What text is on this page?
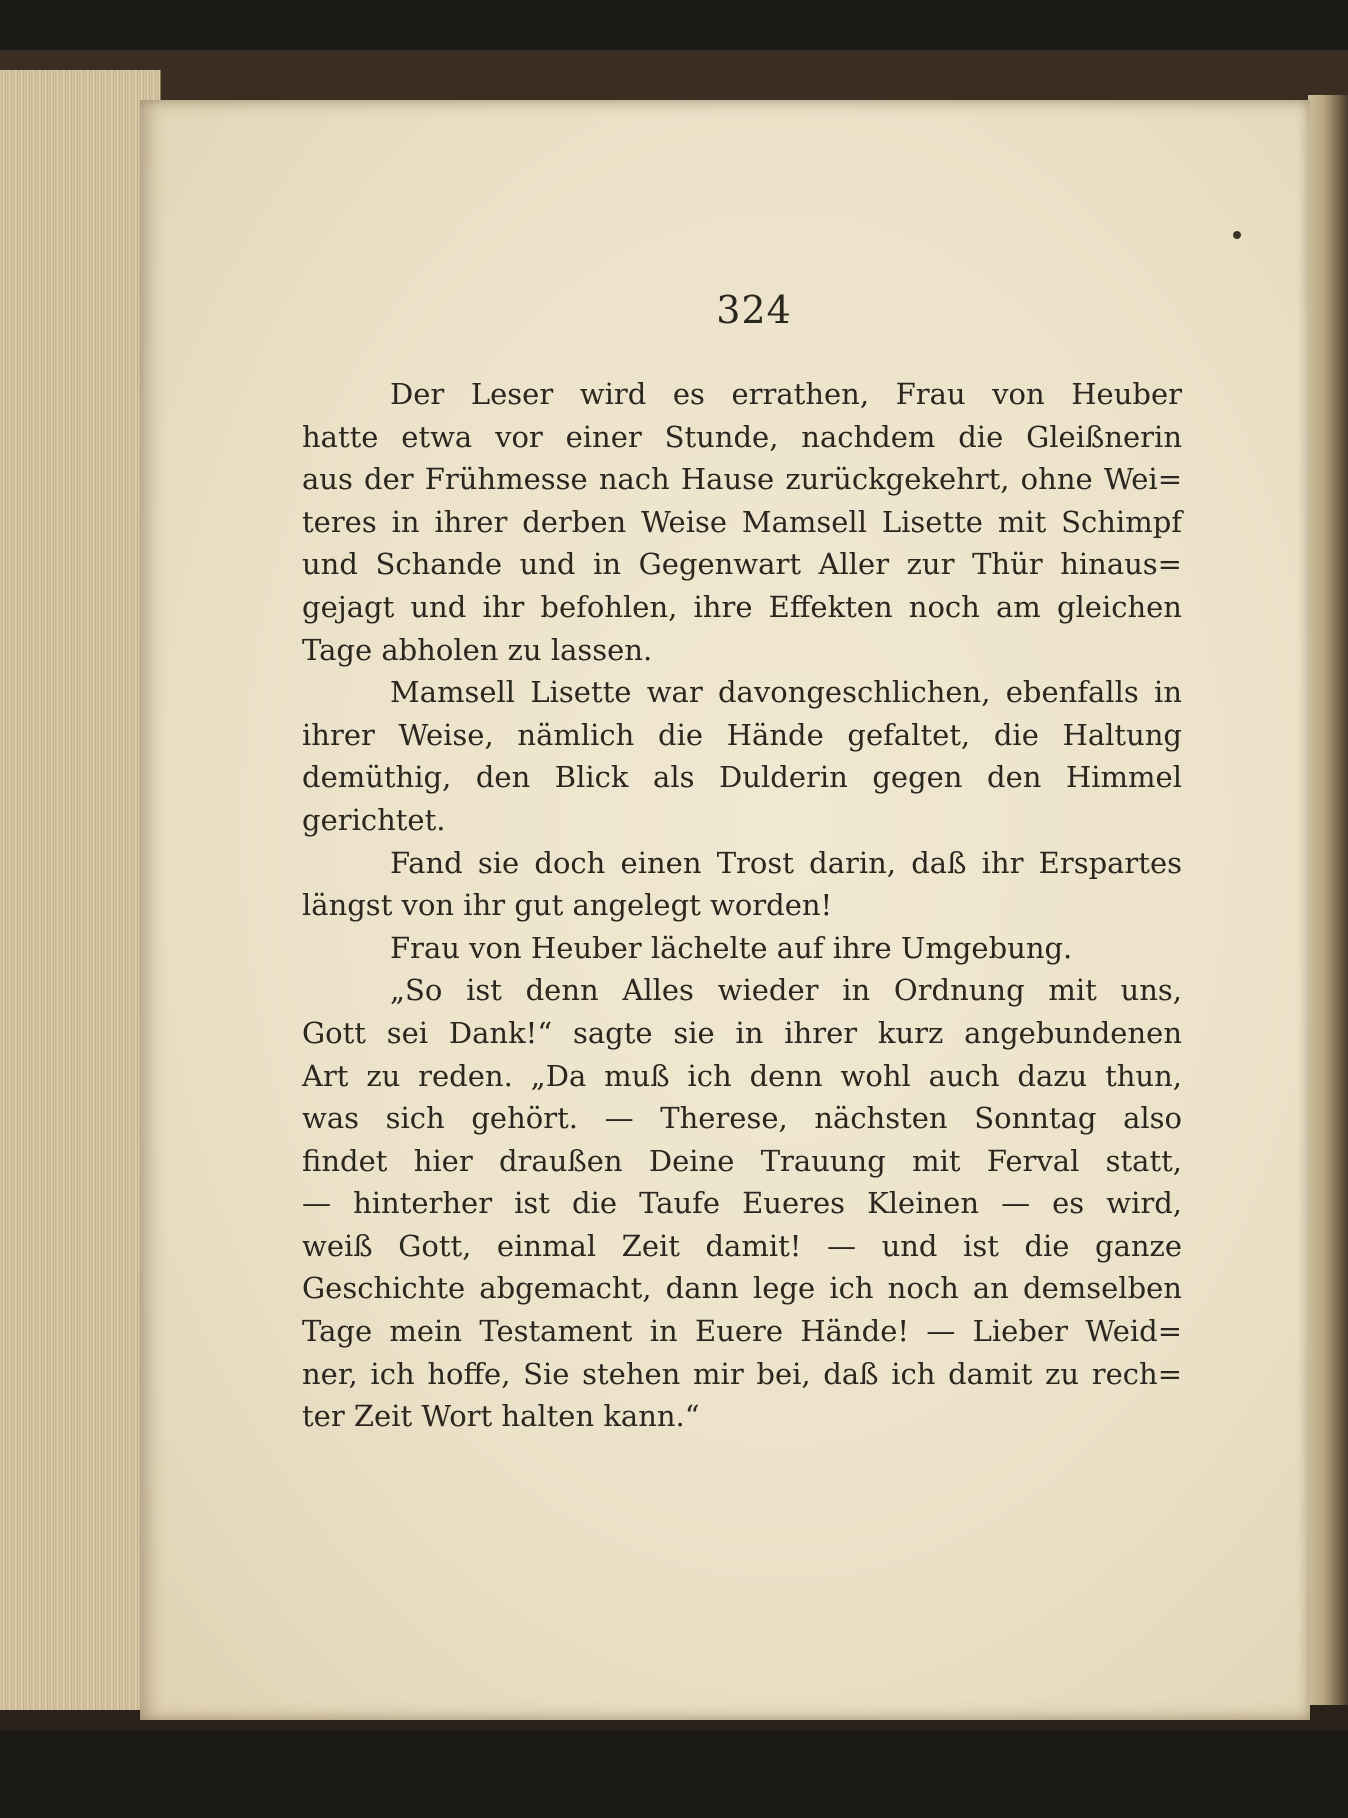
324
Der Leser wird es errathen, Frau von Heuber
hatte etwa vor einer Stunde, nachdem die Gleißnerin
aus der Frühmesse nach Hause zurückgekehrt, ohne Wei=
teres in ihrer derben Weise Mamsell Lisette mit Schimpf
und Schande und in Gegenwart Aller zur Thür hinaus=
gejagt und ihr befohlen, ihre Effekten noch am gleichen
Tage abholen zu lassen.
Mamsell Lisette war davongeschlichen, ebenfalls in
ihrer Weise, nämlich die Hände gefaltet, die Haltung
demüthig, den Blick als Dulderin gegen den Himmel
gerichtet.
Fand sie doch einen Trost darin, daß ihr Erspartes
längst von ihr gut angelegt worden!
Frau von Heuber lächelte auf ihre Umgebung.
„So ist denn Alles wieder in Ordnung mit uns,
Gott sei Dank!“ sagte sie in ihrer kurz angebundenen
Art zu reden. „Da muß ich denn wohl auch dazu thun,
was sich gehört. — Therese, nächsten Sonntag also
findet hier draußen Deine Trauung mit Ferval statt,
— hinterher ist die Taufe Eueres Kleinen — es wird,
weiß Gott, einmal Zeit damit! — und ist die ganze
Geschichte abgemacht, dann lege ich noch an demselben
Tage mein Testament in Euere Hände! — Lieber Weid=
ner, ich hoffe, Sie stehen mir bei, daß ich damit zu rech=
ter Zeit Wort halten kann.“
